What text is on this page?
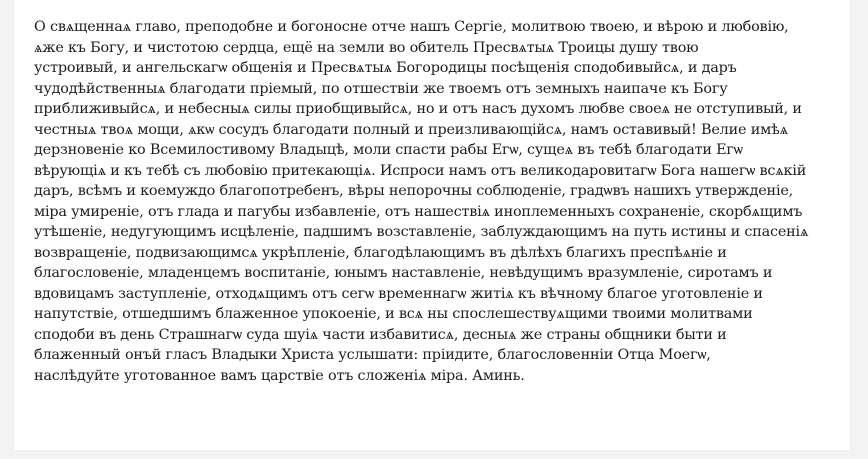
О свѧщеннаѧ главо, преподобне и богоносне отче нашъ Сергіе, молитвою твоею, и вѣрою и любовію,
ѧже къ Богу, и чистотою сердца, ещё на земли во обитель Пресвѧтыѧ Троицы душу твою
устроивый, и ангельскагѡ общенія и Пресвѧтыѧ Богородицы посѣщенія сподобивыйсѧ, и даръ
чудодѣйственныѧ благодати пріемый, по отшествіи же твоемъ отъ земныхъ наипаче къ Богу
приближивыйсѧ, и небесныѧ силы приобщивыйсѧ, но и отъ насъ духомъ любве своеѧ не отступивый, и
честныѧ твоѧ мощи, ѧкѡ сосудъ благодати полный и преизливающійсѧ, намъ оставивый! Велие имѣѧ
дерзновеніе ко Всемилостивому Владыцѣ, моли спасти рабы Егѡ, сущеѧ въ тебѣ благодати Егѡ
вѣрующіѧ и къ тебѣ съ любовію притекающіѧ. Испроси намъ отъ великодаровитагѡ Бога нашегѡ всѧкій
даръ, всѣмъ и коемуждо благопотребенъ, вѣры непорочны соблюденіе, градѡвъ нашихъ утвержденіе,
міра умиреніе, отъ глада и пагубы избавленіе, отъ нашествіѧ иноплеменныхъ сохраненіе, скорбѧщимъ
утѣшеніе, недугующимъ исцѣленіе, падшимъ возставленіе, заблуждающимъ на путь истины и спасеніѧ
возвращеніе, подвизающимсѧ укрѣпленіе, благодѣлающимъ въ дѣлѣхъ благихъ преспѣѧніе и
благословеніе, младенцемъ воспитаніе, юнымъ наставленіе, невѣдущимъ вразумленіе, сиротамъ и
вдовицамъ заступленіе, отходѧщимъ отъ сегѡ временнагѡ житіѧ къ вѣчному благое уготовленіе и
напутствіе, отшедшимъ блаженное упокоеніе, и всѧ ны спослешествуѧщими твоими молитвами
сподоби въ день Страшнагѡ суда шуіѧ части избавитисѧ, десныѧ же страны общники быти и
блаженный онъй гласъ Владыки Христа услышати: пріидите, благословеннiи Отца Моегѡ,
наслѣдуйте уготованное вамъ царствіе отъ сложеніѧ міра. Аминь.
